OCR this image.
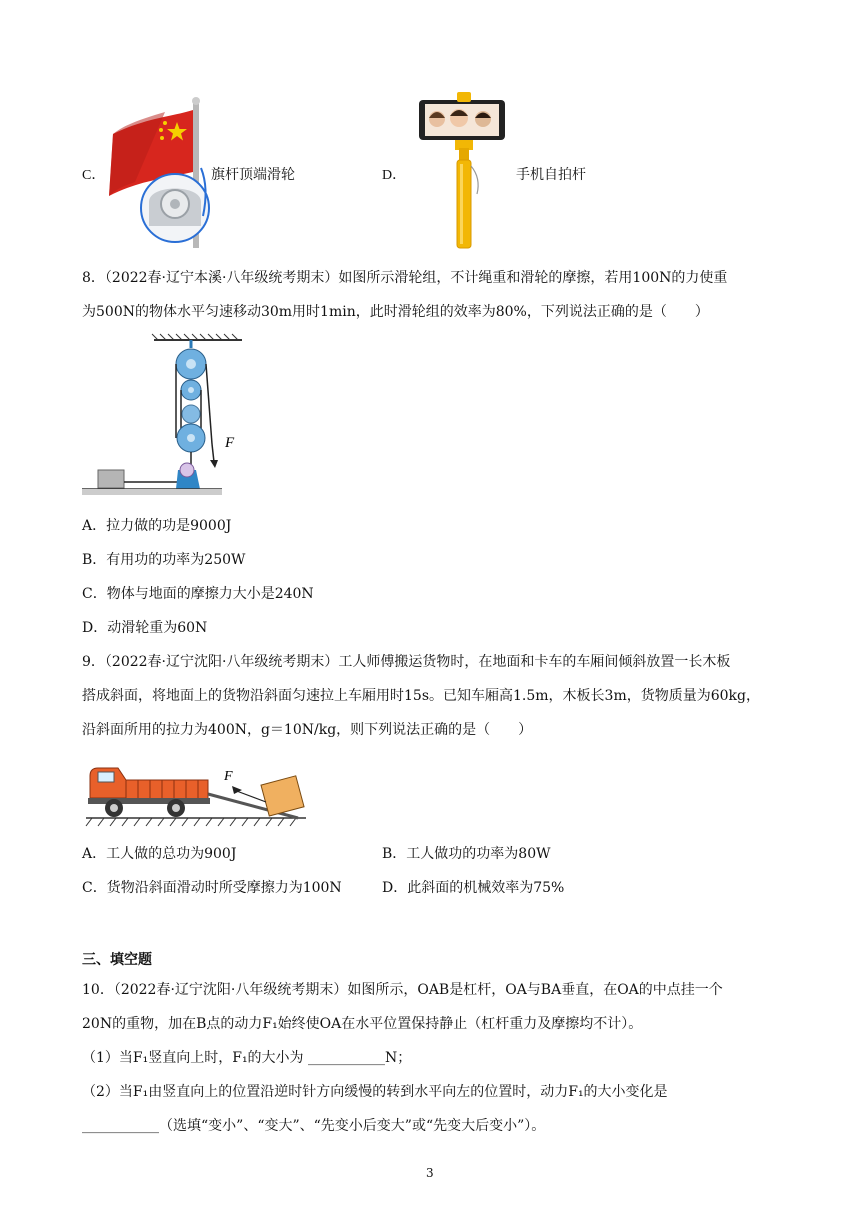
C．	旗杆顶端滑轮	D．	手机自拍杆
8．（2022春·辽宁本溪·八年级统考期末）如图所示滑轮组，不计绳重和滑轮的摩擦，若用100N的力使重
为500N的物体水平匀速移动30m用时1min，此时滑轮组的效率为80%，下列说法正确的是（　　）
F
A．拉力做的功是9000J
B．有用功的功率为250W
C．物体与地面的摩擦力大小是240N
D．动滑轮重为60N
9．（2022春·辽宁沈阳·八年级统考期末）工人师傅搬运货物时，在地面和卡车的车厢间倾斜放置一长木板
搭成斜面，将地面上的货物沿斜面匀速拉上车厢用时15s。已知车厢高1.5m，木板长3m，货物质量为60kg，
沿斜面所用的拉力为400N，g＝10N/kg，则下列说法正确的是（　　）
F
A．工人做的总功为900J	B．工人做功的功率为80W
C．货物沿斜面滑动时所受摩擦力为100N	D．此斜面的机械效率为75%
三、填空题
10．（2022春·辽宁沈阳·八年级统考期末）如图所示，OAB是杠杆，OA与BA垂直，在OA的中点挂一个
20N的重物，加在B点的动力F₁始终使OA在水平位置保持静止（杠杆重力及摩擦均不计）。
（1）当F₁竖直向上时，F₁的大小为 ___________N；
（2）当F₁由竖直向上的位置沿逆时针方向缓慢的转到水平向左的位置时，动力F₁的大小变化是
___________（选填“变小”、“变大”、“先变小后变大”或“先变大后变小”）。
3
